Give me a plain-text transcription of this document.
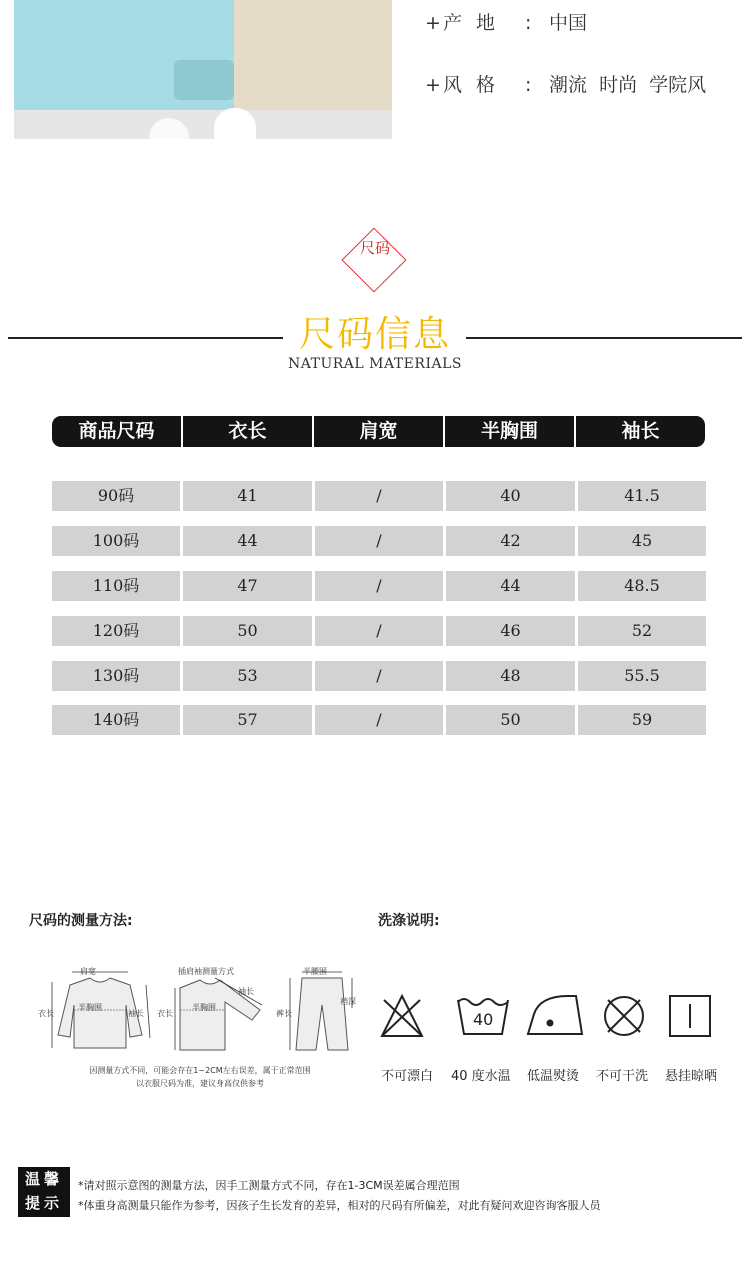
+ 产地 : 中国
+ 风格 : 潮流  时尚  学院风
尺码
尺码信息
NATURAL MATERIALS
商品尺码	衣长	肩宽	半胸围	袖长
90码	41	/	40	41.5
100码	44	/	42	45
110码	47	/	44	48.5
120码	50	/	46	52
130码	53	/	48	55.5
140码	57	/	50	59
尺码的测量方法:
肩宽
衣长
半胸围
袖长
插肩袖测量方式
衣长
半胸围
袖长
半腰围
裤长
裆深
因测量方式不同，可能会存在1~2CM左右误差，属于正常范围
以衣服尺码为准，建议身高仅供参考
洗涤说明:
40
不可漂白 40 度水温 低温熨烫 不可干洗 悬挂晾晒
温馨
提示
*请对照示意图的测量方法，因手工测量方式不同，存在1-3CM误差属合理范围
*体重身高测量只能作为参考，因孩子生长发育的差异，相对的尺码有所偏差，对此有疑问欢迎咨询客服人员
